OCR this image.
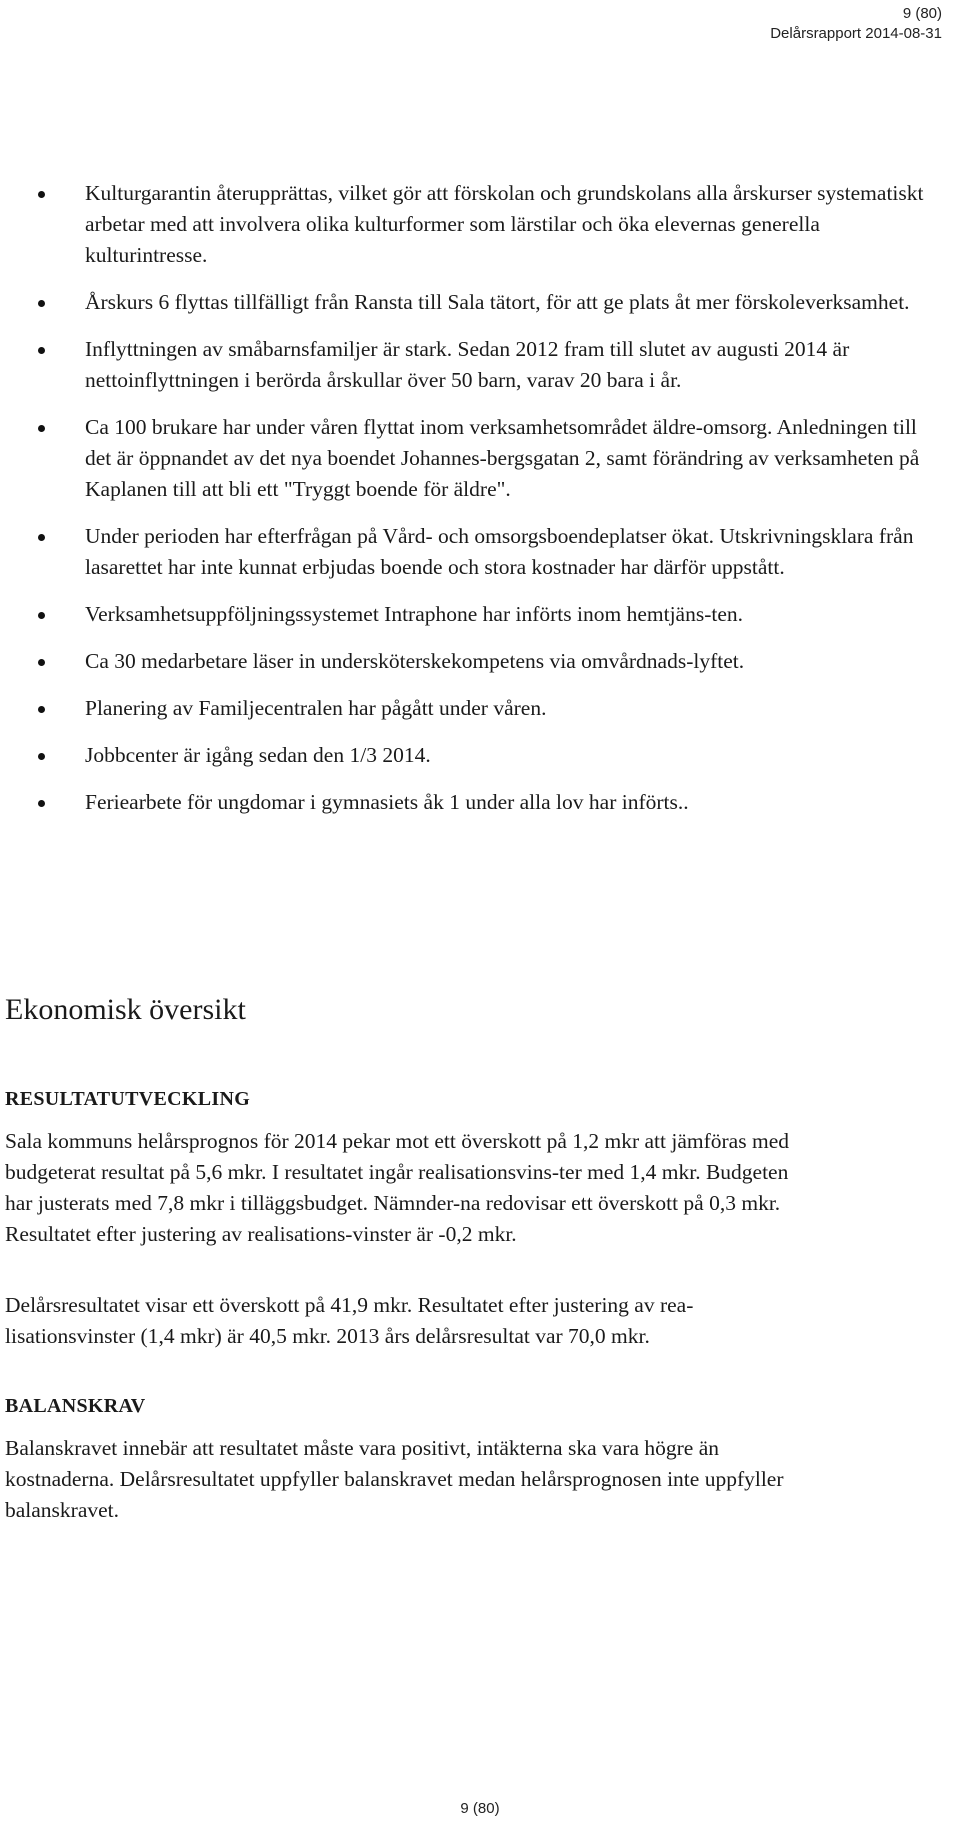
9 (80)
Delårsrapport 2014-08-31
Kulturgarantin återupprättas, vilket gör att förskolan och grundskolans alla årskurser systematiskt arbetar med att involvera olika kulturformer som lärstilar och öka elevernas generella kulturintresse.
Årskurs 6 flyttas tillfälligt från Ransta till Sala tätort, för att ge plats åt mer förskoleverksamhet.
Inflyttningen av småbarnsfamiljer är stark. Sedan 2012 fram till slutet av augusti 2014 är nettoinflyttningen i berörda årskullar över 50 barn, varav 20 bara i år.
Ca 100 brukare har under våren flyttat inom verksamhetsområdet äldre-omsorg. Anledningen till det är öppnandet av det nya boendet Johannes-bergsgatan 2, samt förändring av verksamheten på Kaplanen till att bli ett "Tryggt boende för äldre".
Under perioden har efterfrågan på Vård- och omsorgsboendeplatser ökat. Utskrivningsklara från lasarettet har inte kunnat erbjudas boende och stora kostnader har därför uppstått.
Verksamhetsuppföljningssystemet Intraphone har införts inom hemtjäns-ten.
Ca 30 medarbetare läser in undersköterskekompetens via omvårdnads-lyftet.
Planering av Familjecentralen har pågått under våren.
Jobbcenter är igång sedan den 1/3 2014.
Feriearbete för ungdomar i gymnasiets åk 1 under alla lov har införts..
Ekonomisk översikt
RESULTATUTVECKLING

Sala kommuns helårsprognos för 2014 pekar mot ett överskott på 1,2 mkr att jämföras med budgeterat resultat på 5,6 mkr. I resultatet ingår realisationsvins-ter med 1,4 mkr. Budgeten har justerats med 7,8 mkr i tilläggsbudget. Nämnder-na redovisar ett överskott på 0,3 mkr. Resultatet efter justering av realisations-vinster är -0,2 mkr.

Delårsresultatet visar ett överskott på 41,9 mkr. Resultatet efter justering av rea-lisationsvinster (1,4 mkr) är 40,5 mkr. 2013 års delårsresultat var 70,0 mkr.

BALANSKRAV

Balanskravet innebär att resultatet måste vara positivt, intäkterna ska vara högre än kostnaderna. Delårsresultatet uppfyller balanskravet medan helårsprognosen inte uppfyller balanskravet.

9 (80)
